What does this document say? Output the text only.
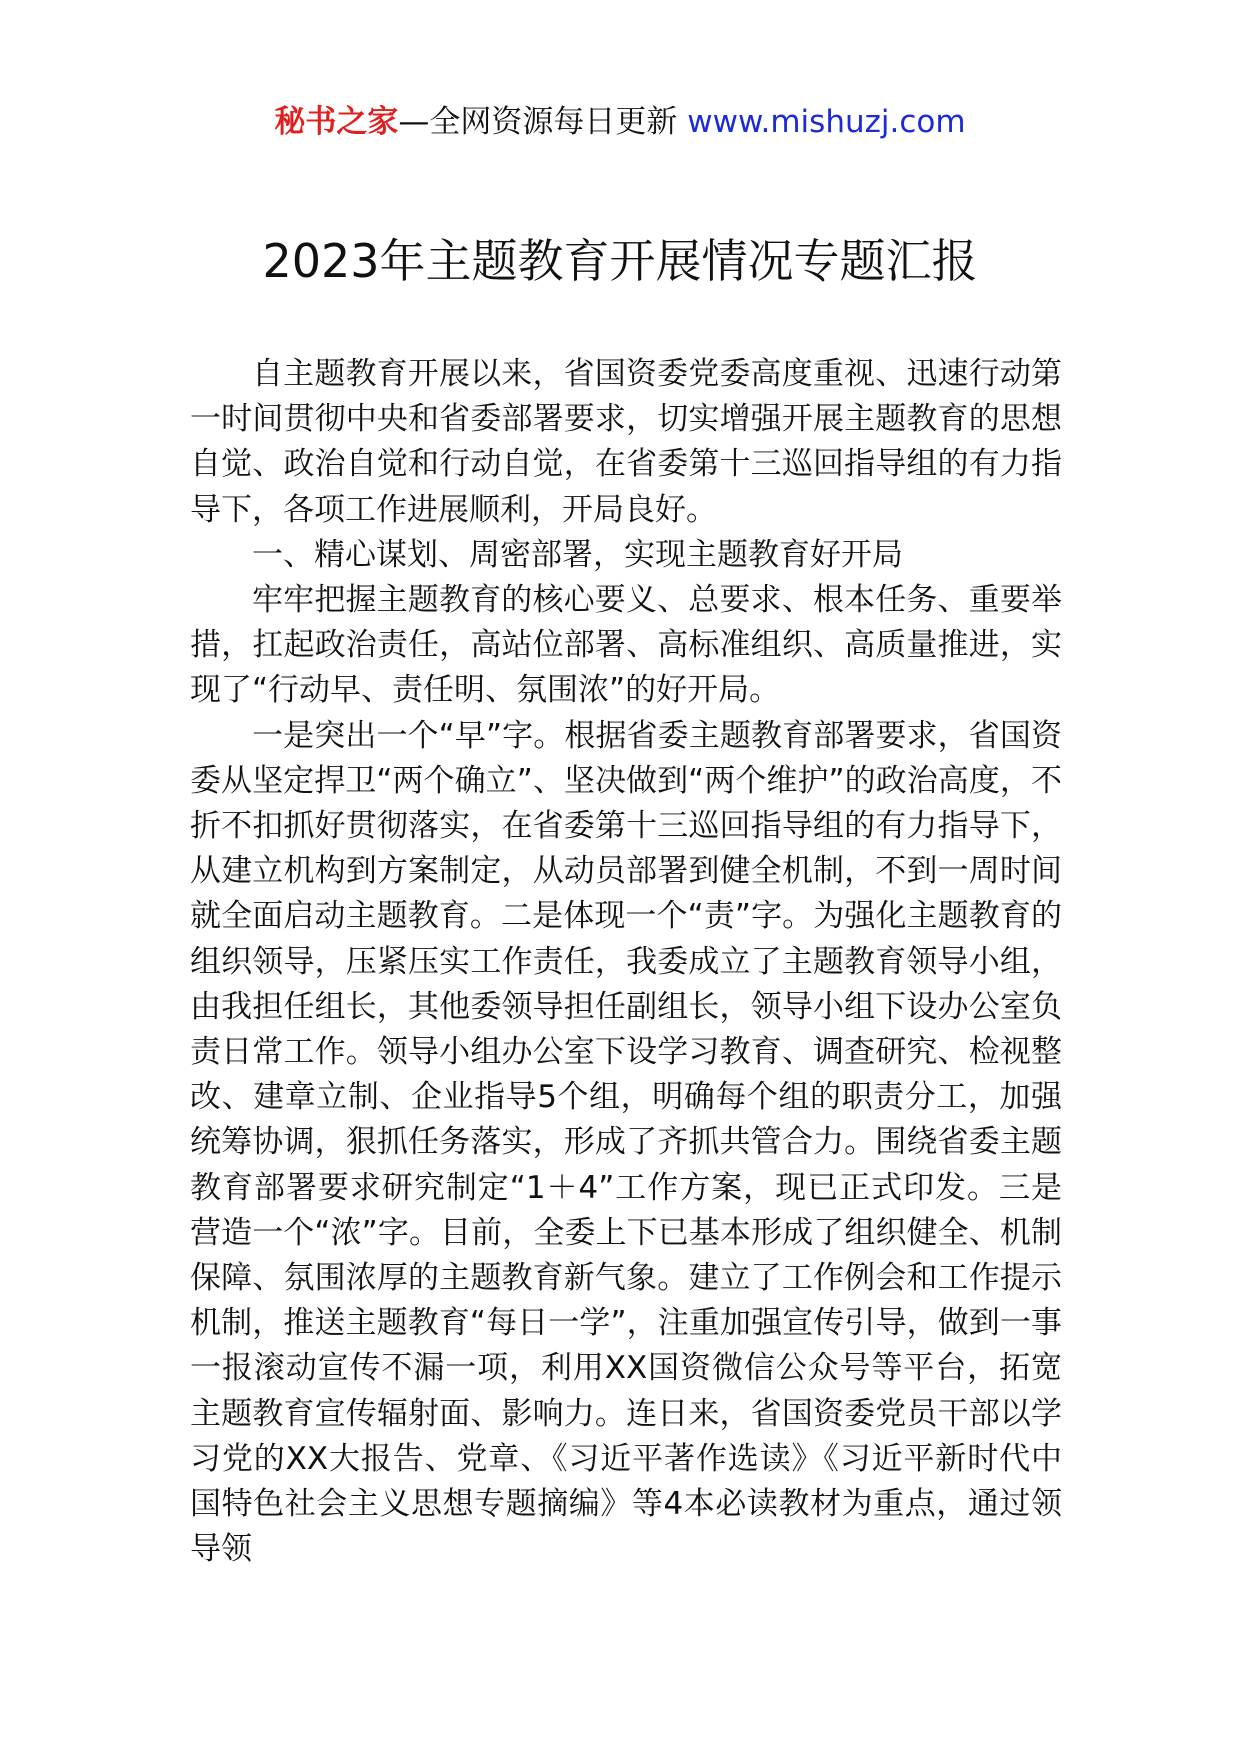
秘书之家—全网资源每日更新 www.mishuzj.com
2023年主题教育开展情况专题汇报

自主题教育开展以来，省国资委党委高度重视、迅速行动第一时间贯彻中央和省委部署要求，切实增强开展主题教育的思想自觉、政治自觉和行动自觉，在省委第十三巡回指导组的有力指导下，各项工作进展顺利，开局良好。

一、精心谋划、周密部署，实现主题教育好开局

牢牢把握主题教育的核心要义、总要求、根本任务、重要举措，扛起政治责任，高站位部署、高标准组织、高质量推进，实现了“行动早、责任明、氛围浓”的好开局。

一是突出一个“早”字。根据省委主题教育部署要求，省国资委从坚定捍卫“两个确立”、坚决做到“两个维护”的政治高度，不折不扣抓好贯彻落实，在省委第十三巡回指导组的有力指导下，从建立机构到方案制定，从动员部署到健全机制，不到一周时间就全面启动主题教育。二是体现一个“责”字。为强化主题教育的组织领导，压紧压实工作责任，我委成立了主题教育领导小组，由我担任组长，其他委领导担任副组长，领导小组下设办公室负责日常工作。领导小组办公室下设学习教育、调查研究、检视整改、建章立制、企业指导5个组，明确每个组的职责分工，加强统筹协调，狠抓任务落实，形成了齐抓共管合力。围绕省委主题教育部署要求研究制定“1＋4”工作方案，现已正式印发。三是营造一个“浓”字。目前，全委上下已基本形成了组织健全、机制保障、氛围浓厚的主题教育新气象。建立了工作例会和工作提示机制，推送主题教育“每日一学”，注重加强宣传引导，做到一事一报滚动宣传不漏一项，利用XX国资微信公众号等平台，拓宽主题教育宣传辐射面、影响力。连日来，省国资委党员干部以学习党的XX大报告、党章、《习近平著作选读》《习近平新时代中国特色社会主义思想专题摘编》等4本必读教材为重点，通过领导领
